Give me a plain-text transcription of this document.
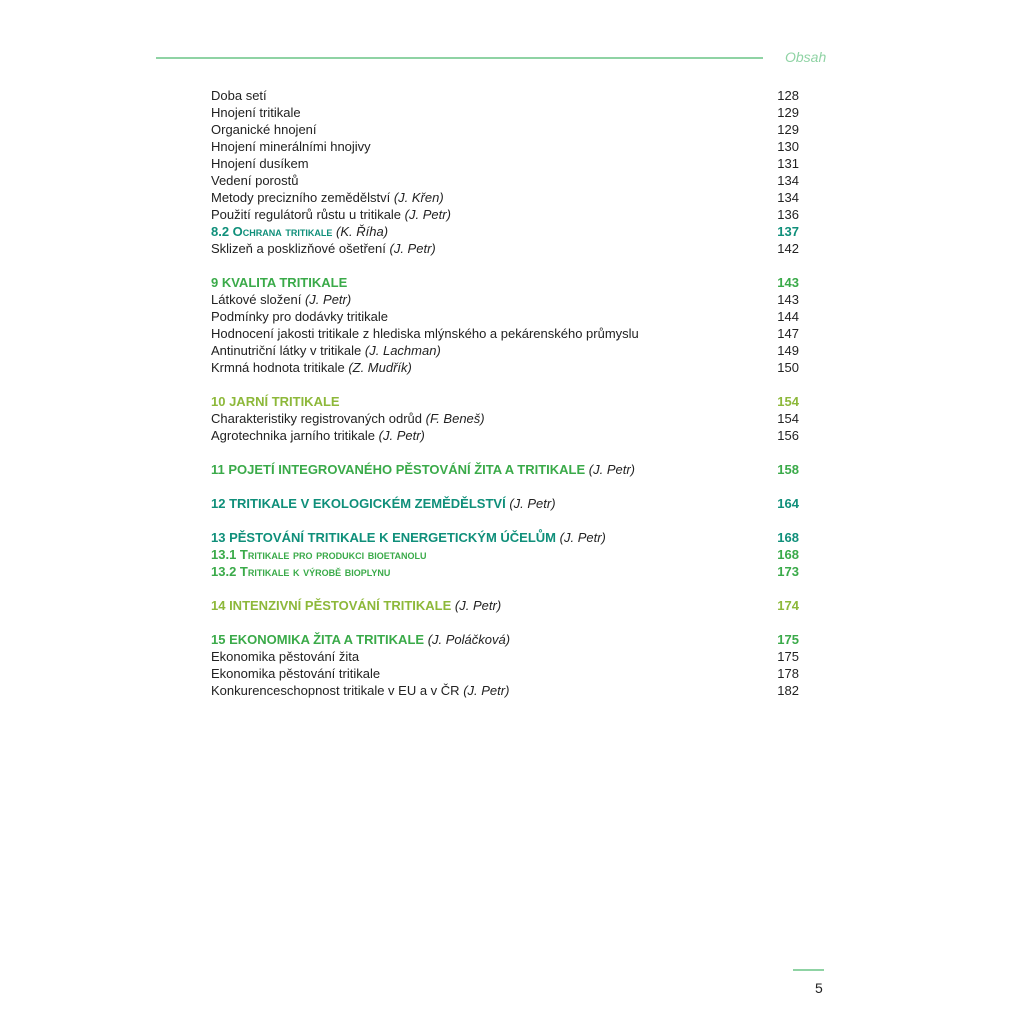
Obsah
Doba setí	128
Hnojení tritikale	129
Organické hnojení	129
Hnojení minerálními hnojivy	130
Hnojení dusíkem	131
Vedení porostů	134
Metody precizního zemědělství (J. Křen)	134
Použití regulátorů růstu u tritikale (J. Petr)	136
8.2 Ochrana tritikale (K. Říha)	137
Sklizeň a posklizňové ošetření (J. Petr)	142
9 KVALITA TRITIKALE	143
Látkové složení (J. Petr)	143
Podmínky pro dodávky tritikale	144
Hodnocení jakosti tritikale z hlediska mlýnského a pekárenského průmyslu	147
Antinutriční látky v tritikale (J. Lachman)	149
Krmná hodnota tritikale (Z. Mudřík)	150
10 JARNÍ TRITIKALE	154
Charakteristiky registrovaných odrůd (F. Beneš)	154
Agrotechnika jarního tritikale (J. Petr)	156
11 POJETÍ INTEGROVANÉHO PĚSTOVÁNÍ ŽITA A TRITIKALE (J. Petr)	158
12 TRITIKALE V EKOLOGICKÉM ZEMĚDĚLSTVÍ (J. Petr)	164
13 PĚSTOVÁNÍ TRITIKALE K ENERGETICKÝM ÚČELŮM (J. Petr)	168
13.1 Tritikale pro produkci bioetanolu	168
13.2 Tritikale k výrobě bioplynu	173
14 INTENZIVNÍ PĚSTOVÁNÍ TRITIKALE (J. Petr)	174
15 EKONOMIKA ŽITA A TRITIKALE (J. Poláčková)	175
Ekonomika pěstování žita	175
Ekonomika pěstování tritikale	178
Konkurenceschopnost tritikale v EU a v ČR (J. Petr)	182
5
